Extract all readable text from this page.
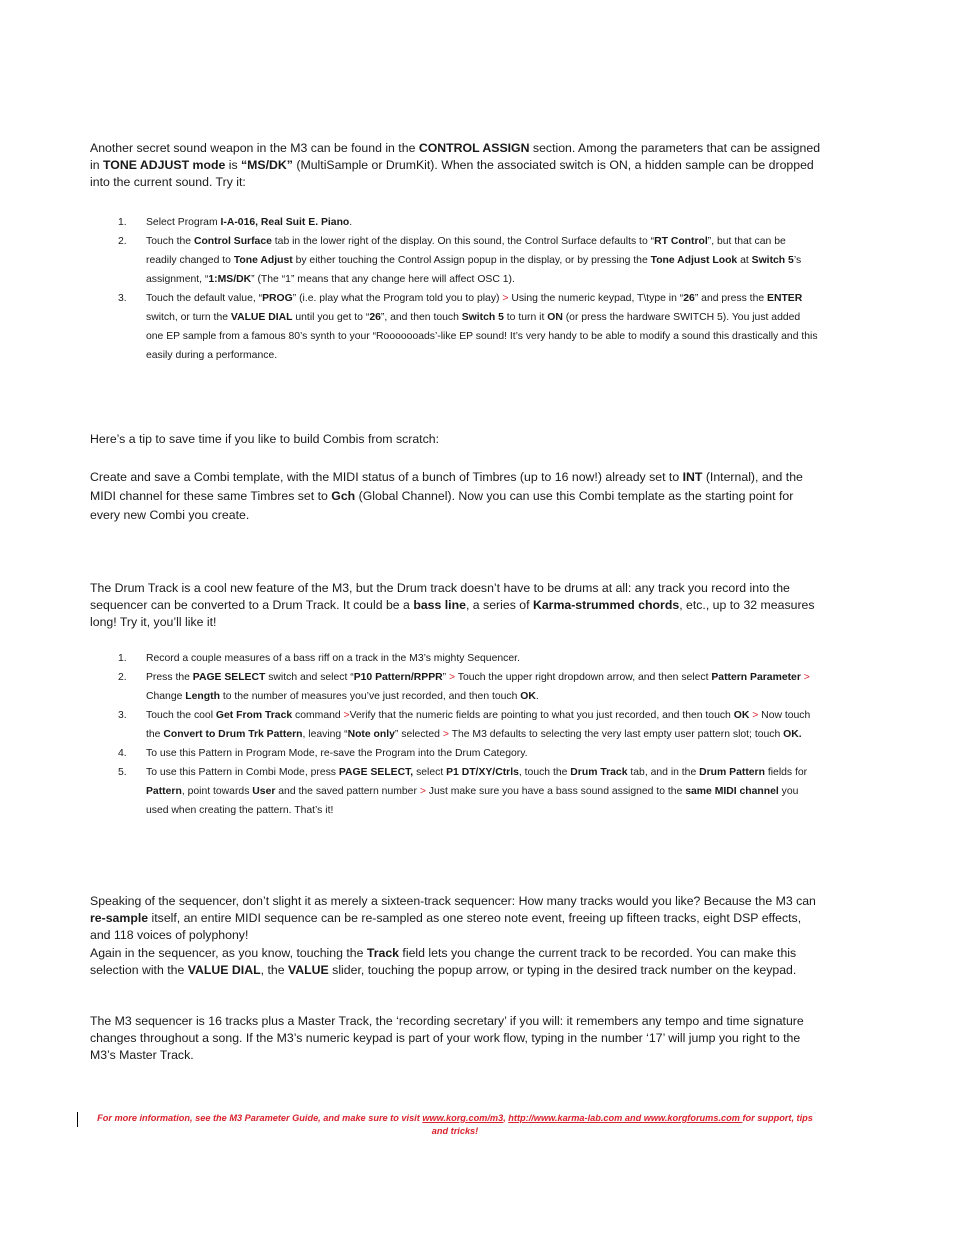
Another secret sound weapon in the M3 can be found in the CONTROL ASSIGN section. Among the parameters that can be assigned in TONE ADJUST mode is “MS/DK” (MultiSample or DrumKit). When the associated switch is ON, a hidden sample can be dropped into the current sound. Try it:
1. Select Program I-A-016, Real Suit E. Piano.
2. Touch the Control Surface tab in the lower right of the display. On this sound, the Control Surface defaults to “RT Control”, but that can be readily changed to Tone Adjust by either touching the Control Assign popup in the display, or by pressing the Tone Adjust Look at Switch 5’s assignment, “1:MS/DK” (The “1” means that any change here will affect OSC 1).
3. Touch the default value, “PROG” (i.e. play what the Program told you to play) > Using the numeric keypad, T\type in “26” and press the ENTER switch, or turn the VALUE DIAL until you get to “26”, and then touch Switch 5 to turn it ON (or press the hardware SWITCH 5). You just added one EP sample from a famous 80’s synth to your “Rooooooads’-like EP sound! It’s very handy to be able to modify a sound this drastically and this easily during a performance.
Here’s a tip to save time if you like to build Combis from scratch:
Create and save a Combi template, with the MIDI status of a bunch of Timbres (up to 16 now!) already set to INT (Internal), and the MIDI channel for these same Timbres set to Gch (Global Channel). Now you can use this Combi template as the starting point for every new Combi you create.
The Drum Track is a cool new feature of the M3, but the Drum track doesn’t have to be drums at all: any track you record into the sequencer can be converted to a Drum Track. It could be a bass line, a series of Karma-strummed chords, etc., up to 32 measures long! Try it, you’ll like it!
1. Record a couple measures of a bass riff on a track in the M3’s mighty Sequencer.
2. Press the PAGE SELECT switch and select “P10 Pattern/RPPR” > Touch the upper right dropdown arrow, and then select Pattern Parameter > Change Length to the number of measures you’ve just recorded, and then touch OK.
3. Touch the cool Get From Track command >Verify that the numeric fields are pointing to what you just recorded, and then touch OK > Now touch the Convert to Drum Trk Pattern, leaving “Note only” selected > The M3 defaults to selecting the very last empty user pattern slot; touch OK.
4. To use this Pattern in Program Mode, re-save the Program into the Drum Category.
5. To use this Pattern in Combi Mode, press PAGE SELECT, select P1 DT/XY/Ctrls, touch the Drum Track tab, and in the Drum Pattern fields for Pattern, point towards User and the saved pattern number > Just make sure you have a bass sound assigned to the same MIDI channel you used when creating the pattern. That’s it!
Speaking of the sequencer, don’t slight it as merely a sixteen-track sequencer: How many tracks would you like? Because the M3 can re-sample itself, an entire MIDI sequence can be re-sampled as one stereo note event, freeing up fifteen tracks, eight DSP effects, and 118 voices of polyphony!
Again in the sequencer, as you know, touching the Track field lets you change the current track to be recorded. You can make this selection with the VALUE DIAL, the VALUE slider, touching the popup arrow, or typing in the desired track number on the keypad.
The M3 sequencer is 16 tracks plus a Master Track, the ‘recording secretary’ if you will: it remembers any tempo and time signature changes throughout a song. If the M3’s numeric keypad is part of your work flow, typing in the number ‘17’ will jump you right to the M3’s Master Track.
For more information, see the M3 Parameter Guide, and make sure to visit www.korg.com/m3, http://www.karma-lab.com and www.korgforums.com for support, tips and tricks!
